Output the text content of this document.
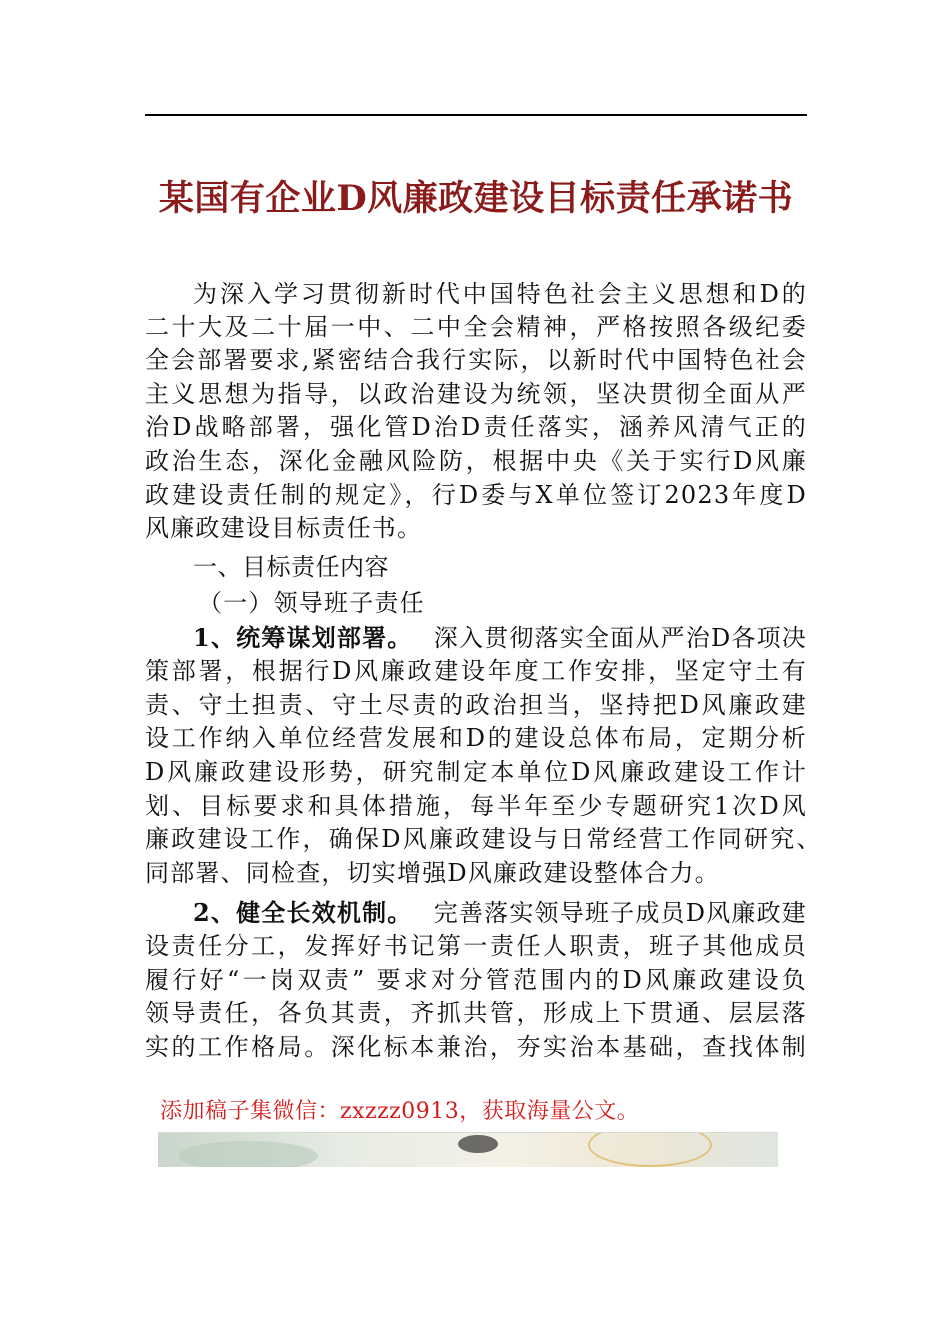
某国有企业D风廉政建设目标责任承诺书
为深入学习贯彻新时代中国特色社会主义思想和D的
二十大及二十届一中、二中全会精神，严格按照各级纪委
全会部署要求,紧密结合我行实际，以新时代中国特色社会
主义思想为指导，以政治建设为统领，坚决贯彻全面从严
治D战略部署，强化管D治D责任落实，涵养风清气正的
政治生态，深化金融风险防，根据中央《关于实行D风廉
政建设责任制的规定》，行D委与X单位签订2023年度D
风廉政建设目标责任书。
一、目标责任内容
（一）领导班子责任
1、统筹谋划部署。 深入贯彻落实全面从严治D各项决
策部署，根据行D风廉政建设年度工作安排，坚定守土有
责、守土担责、守土尽责的政治担当，坚持把D风廉政建
设工作纳入单位经营发展和D的建设总体布局，定期分析
D风廉政建设形势，研究制定本单位D风廉政建设工作计
划、目标要求和具体措施，每半年至少专题研究1次D风
廉政建设工作，确保D风廉政建设与日常经营工作同研究、
同部署、同检查，切实增强D风廉政建设整体合力。
2、健全长效机制。 完善落实领导班子成员D风廉政建
设责任分工，发挥好书记第一责任人职责，班子其他成员
履行好“一岗双责” 要求对分管范围内的D风廉政建设负
领导责任，各负其责，齐抓共管，形成上下贯通、层层落
实的工作格局。深化标本兼治，夯实治本基础，查找体制
添加稿子集微信：zxzzz0913，获取海量公文。
